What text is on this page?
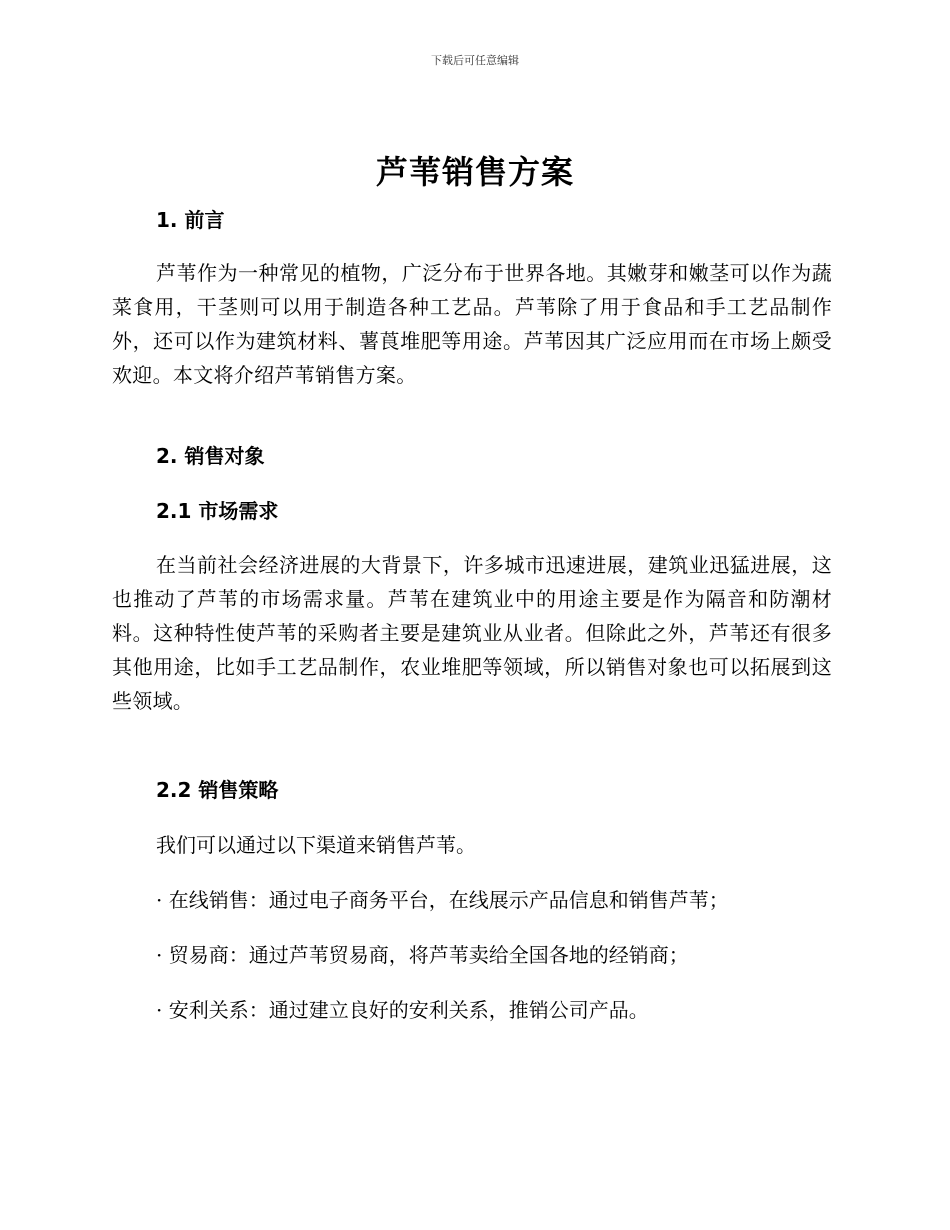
下载后可任意编辑
芦苇销售方案
1. 前言
芦苇作为一种常见的植物，广泛分布于世界各地。其嫩芽和嫩茎可以作为蔬菜食用，干茎则可以用于制造各种工艺品。芦苇除了用于食品和手工艺品制作外，还可以作为建筑材料、薯莨堆肥等用途。芦苇因其广泛应用而在市场上颇受欢迎。本文将介绍芦苇销售方案。
2. 销售对象
2.1 市场需求
在当前社会经济进展的大背景下，许多城市迅速进展，建筑业迅猛进展，这也推动了芦苇的市场需求量。芦苇在建筑业中的用途主要是作为隔音和防潮材料。这种特性使芦苇的采购者主要是建筑业从业者。但除此之外，芦苇还有很多其他用途，比如手工艺品制作，农业堆肥等领域，所以销售对象也可以拓展到这些领域。
2.2 销售策略
我们可以通过以下渠道来销售芦苇。
· 在线销售：通过电子商务平台，在线展示产品信息和销售芦苇；
· 贸易商：通过芦苇贸易商，将芦苇卖给全国各地的经销商；
· 安利关系：通过建立良好的安利关系，推销公司产品。
